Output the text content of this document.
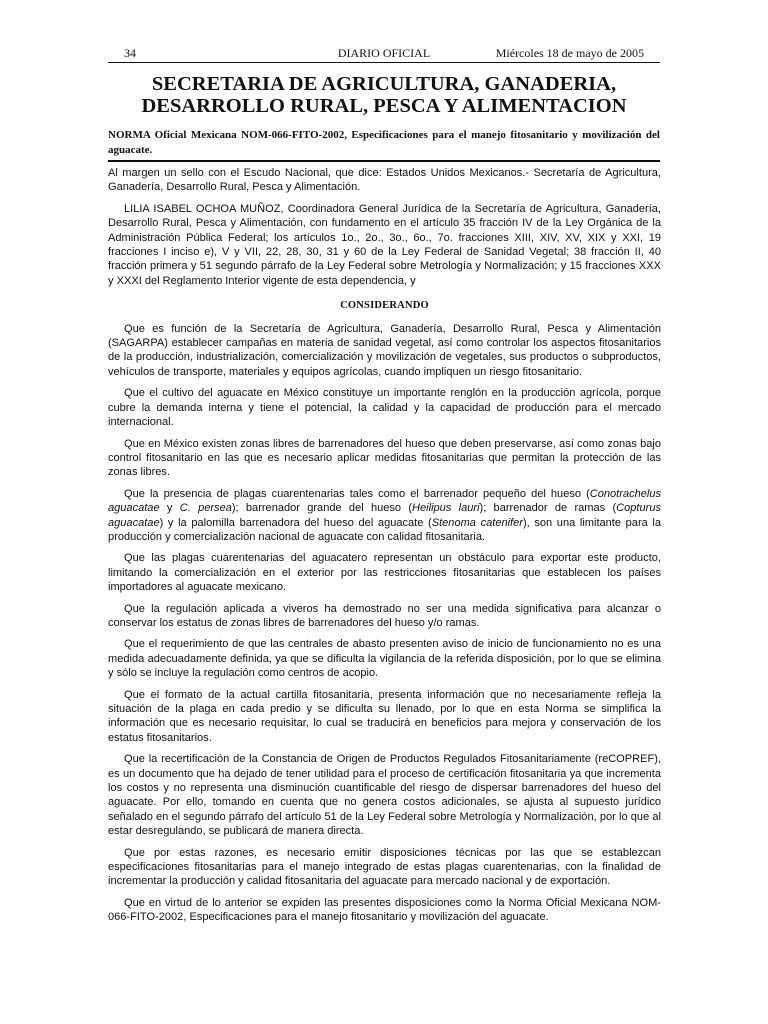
34	DIARIO OFICIAL	Miércoles 18 de mayo de 2005
SECRETARIA DE AGRICULTURA, GANADERIA,
DESARROLLO RURAL, PESCA Y ALIMENTACION
NORMA Oficial Mexicana NOM-066-FITO-2002, Especificaciones para el manejo fitosanitario y movilización del aguacate.

Al margen un sello con el Escudo Nacional, que dice: Estados Unidos Mexicanos.- Secretaría de Agricultura, Ganadería, Desarrollo Rural, Pesca y Alimentación.

LILIA ISABEL OCHOA MUÑOZ, Coordinadora General Jurídica de la Secretaría de Agricultura, Ganadería, Desarrollo Rural, Pesca y Alimentación, con fundamento en el artículo 35 fracción IV de la Ley Orgánica de la Administración Pública Federal; los artículos 1o., 2o., 3o., 6o., 7o. fracciones XIII, XIV, XV, XIX y XXI, 19 fracciones I inciso e), V y VII, 22, 28, 30, 31 y 60 de la Ley Federal de Sanidad Vegetal; 38 fracción II, 40 fracción primera y 51 segundo párrafo de la Ley Federal sobre Metrología y Normalización; y 15 fracciones XXX y XXXI del Reglamento Interior vigente de esta dependencia, y

CONSIDERANDO

Que es función de la Secretaría de Agricultura, Ganadería, Desarrollo Rural, Pesca y Alimentación (SAGARPA) establecer campañas en materia de sanidad vegetal, así como controlar los aspectos fitosanitarios de la producción, industrialización, comercialización y movilización de vegetales, sus productos o subproductos, vehículos de transporte, materiales y equipos agrícolas, cuando impliquen un riesgo fitosanitario.

Que el cultivo del aguacate en México constituye un importante renglón en la producción agrícola, porque cubre la demanda interna y tiene el potencial, la calidad y la capacidad de producción para el mercado internacional.

Que en México existen zonas libres de barrenadores del hueso que deben preservarse, así como zonas bajo control fitosanitario en las que es necesario aplicar medidas fitosanitarias que permitan la protección de las zonas libres.

Que la presencia de plagas cuarentenarias tales como el barrenador pequeño del hueso (Conotrachelus aguacatae y C. persea); barrenador grande del hueso (Heilipus lauri); barrenador de ramas (Copturus aguacatae) y la palomilla barrenadora del hueso del aguacate (Stenoma catenifer), son una limitante para la producción y comercialización nacional de aguacate con calidad fitosanitaria.

Que las plagas cuarentenarias del aguacatero representan un obstáculo para exportar este producto, limitando la comercialización en el exterior por las restricciones fitosanitarias que establecen los países importadores al aguacate mexicano.

Que la regulación aplicada a viveros ha demostrado no ser una medida significativa para alcanzar o conservar los estatus de zonas libres de barrenadores del hueso y/o ramas.

Que el requerimiento de que las centrales de abasto presenten aviso de inicio de funcionamiento no es una medida adecuadamente definida, ya que se dificulta la vigilancia de la referida disposición, por lo que se elimina y sólo se incluye la regulación como centros de acopio.

Que el formato de la actual cartilla fitosanitaria, presenta información que no necesariamente refleja la situación de la plaga en cada predio y se dificulta su llenado, por lo que en esta Norma se simplifica la información que es necesario requisitar, lo cual se traducirá en beneficios para mejora y conservación de los estatus fitosanitarios.

Que la recertificación de la Constancia de Origen de Productos Regulados Fitosanitariamente (reCOPREF), es un documento que ha dejado de tener utilidad para el proceso de certificación fitosanitaria ya que incrementa los costos y no representa una disminución cuantificable del riesgo de dispersar barrenadores del hueso del aguacate. Por ello, tomando en cuenta que no genera costos adicionales, se ajusta al supuesto jurídico señalado en el segundo párrafo del artículo 51 de la Ley Federal sobre Metrología y Normalización, por lo que al estar desregulando, se publicará de manera directa.

Que por estas razones, es necesario emitir disposiciones técnicas por las que se establezcan especificaciones fitosanitarias para el manejo integrado de estas plagas cuarentenarias, con la finalidad de incrementar la producción y calidad fitosanitaria del aguacate para mercado nacional y de exportación.

Que en virtud de lo anterior se expiden las presentes disposiciones como la Norma Oficial Mexicana NOM-066-FITO-2002, Especificaciones para el manejo fitosanitario y movilización del aguacate.
